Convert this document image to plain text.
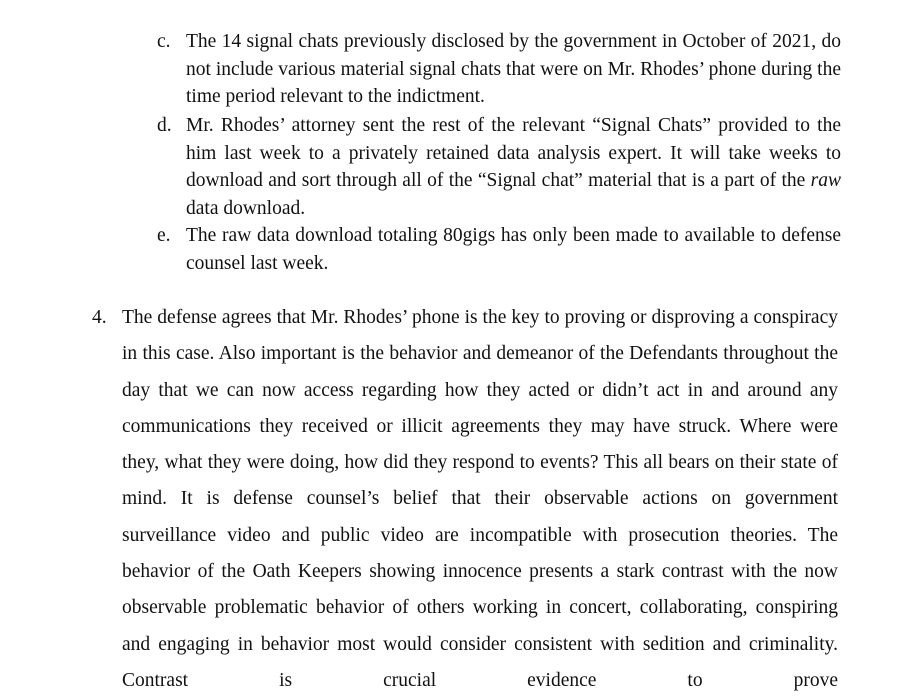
c. The 14 signal chats previously disclosed by the government in October of 2021, do not include various material signal chats that were on Mr. Rhodes’ phone during the time period relevant to the indictment.
d. Mr. Rhodes’ attorney sent the rest of the relevant “Signal Chats” provided to the him last week to a privately retained data analysis expert. It will take weeks to download and sort through all of the “Signal chat” material that is a part of the raw data download.
e. The raw data download totaling 80gigs has only been made to available to defense counsel last week.
4. The defense agrees that Mr. Rhodes’ phone is the key to proving or disproving a conspiracy in this case. Also important is the behavior and demeanor of the Defendants throughout the day that we can now access regarding how they acted or didn’t act in and around any communications they received or illicit agreements they may have struck. Where were they, what they were doing, how did they respond to events? This all bears on their state of mind. It is defense counsel’s belief that their observable actions on government surveillance video and public video are incompatible with prosecution theories. The behavior of the Oath Keepers showing innocence presents a stark contrast with the now observable problematic behavior of others working in concert, collaborating, conspiring and engaging in behavior most would consider consistent with sedition and criminality. Contrast is crucial evidence to prove
